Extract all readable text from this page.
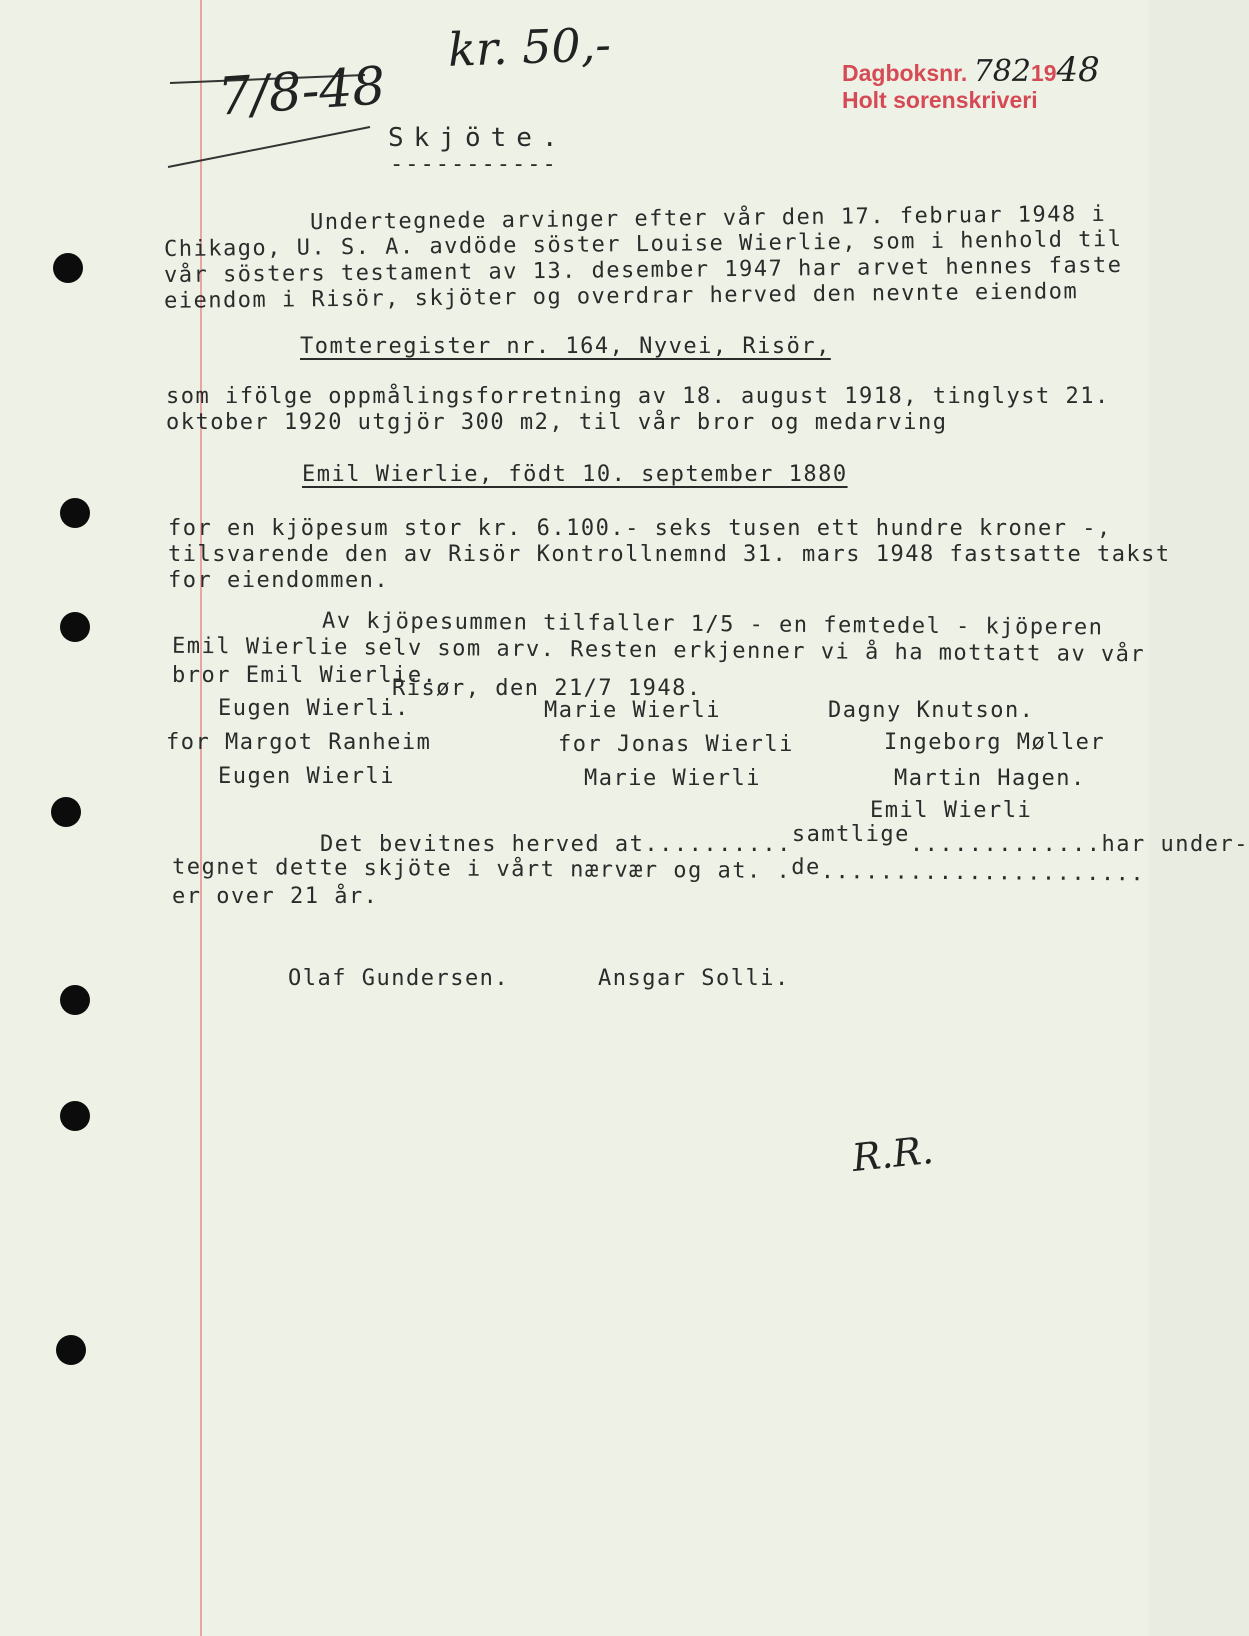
7/8-48
kr. 50,-
R.R.
Dagboksnr. 7821948
Holt sorenskriveri
Skjöte.
-----------
Undertegnede arvinger efter vår den 17. februar 1948 i
Chikago, U. S. A. avdöde söster Louise Wierlie, som i henhold til
vår sösters testament av 13. desember 1947 har arvet hennes faste
eiendom i Risör, skjöter og overdrar herved den nevnte eiendom
Tomteregister nr. 164, Nyvei, Risör,
som ifölge oppmålingsforretning av 18. august 1918, tinglyst 21.
oktober 1920 utgjör 300 m2, til vår bror og medarving
Emil Wierlie, födt 10. september 1880
for en kjöpesum stor kr. 6.100.- seks tusen ett hundre kroner -,
tilsvarende den av Risör Kontrollnemnd 31. mars 1948 fastsatte takst
for eiendommen.
Av kjöpesummen tilfaller 1/5 - en femtedel - kjöperen
Emil Wierlie selv som arv. Resten erkjenner vi å ha mottatt av vår
bror Emil Wierlie.
Risør, den 21/7 1948.
Eugen Wierli.
for Margot Ranheim
Eugen Wierli
Marie Wierli
for Jonas Wierli
Marie Wierli
Dagny Knutson.
Ingeborg Møller
Martin Hagen.
Emil Wierli
Det bevitnes herved at..........samtlige.............har under-
tegnet dette skjöte i vårt nærvær og at. .de......................
er over 21 år.
Olaf Gundersen.	Ansgar Solli.
